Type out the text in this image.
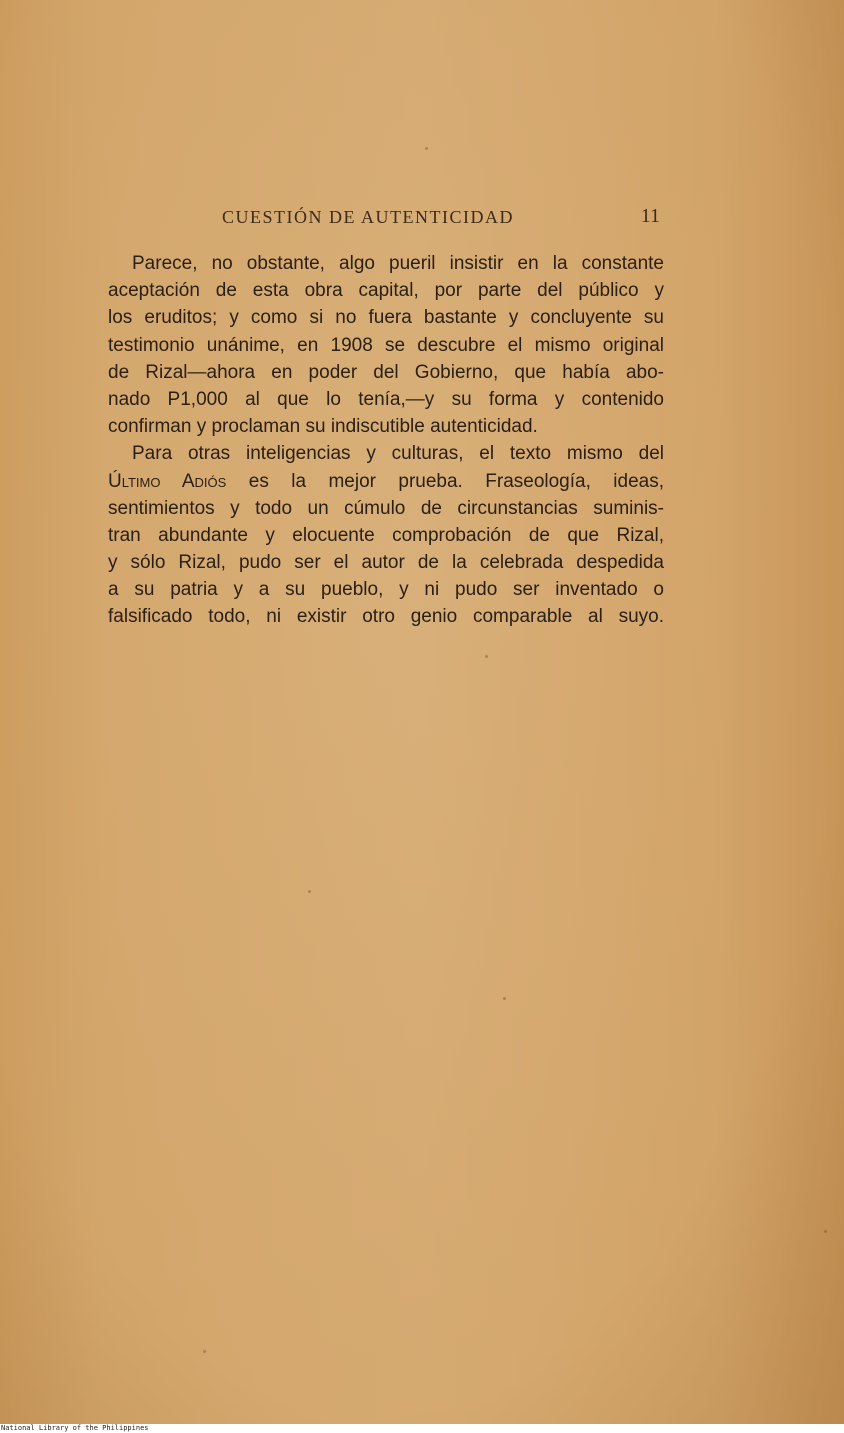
CUESTIÓN DE AUTENTICIDAD	11
Parece, no obstante, algo pueril insistir en la constante
aceptación de esta obra capital, por parte del público y
los eruditos; y como si no fuera bastante y concluyente su
testimonio unánime, en 1908 se descubre el mismo original
de Rizal—ahora en poder del Gobierno, que había abo-
nado P1,000 al que lo tenía,—y su forma y contenido
confirman y proclaman su indiscutible autenticidad.
Para otras inteligencias y culturas, el texto mismo del
Último Adiós es la mejor prueba. Fraseología, ideas,
sentimientos y todo un cúmulo de circunstancias suminis-
tran abundante y elocuente comprobación de que Rizal,
y sólo Rizal, pudo ser el autor de la celebrada despedida
a su patria y a su pueblo, y ni pudo ser inventado o
falsificado todo, ni existir otro genio comparable al suyo.
National Library of the Philippines
